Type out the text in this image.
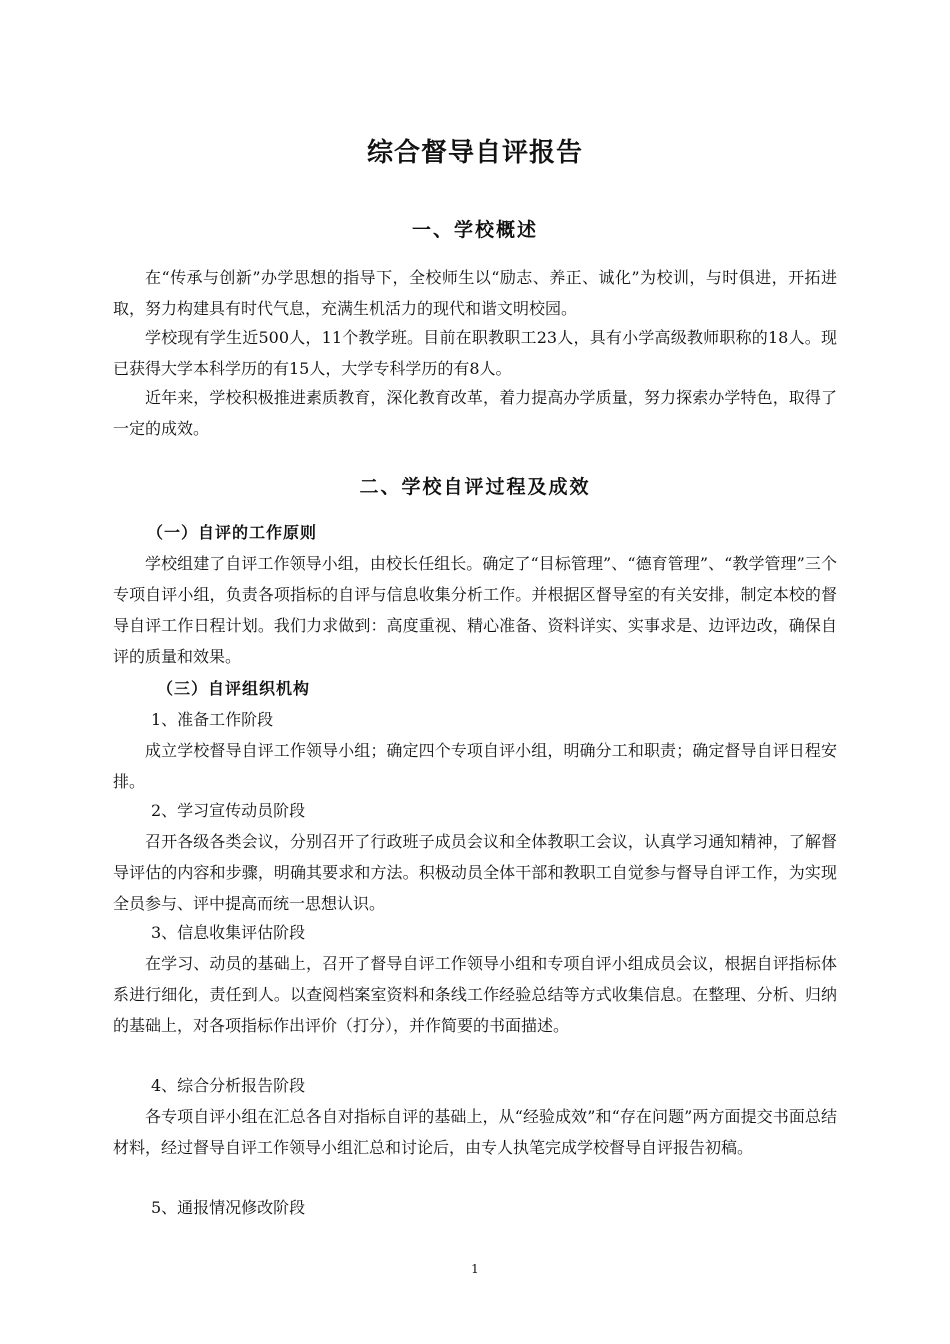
综合督导自评报告
一、学校概述

在“传承与创新”办学思想的指导下，全校师生以“励志、养正、诚化”为校训，与时俱进，开拓进取，努力构建具有时代气息，充满生机活力的现代和谐文明校园。

学校现有学生近500人，11个教学班。目前在职教职工23人，具有小学高级教师职称的18人。现已获得大学本科学历的有15人，大学专科学历的有8人。

近年来，学校积极推进素质教育，深化教育改革，着力提高办学质量，努力探索办学特色，取得了一定的成效。

二、学校自评过程及成效
（一）自评的工作原则

学校组建了自评工作领导小组，由校长任组长。确定了“目标管理”、“德育管理”、“教学管理”三个专项自评小组，负责各项指标的自评与信息收集分析工作。并根据区督导室的有关安排，制定本校的督导自评工作日程计划。我们力求做到：高度重视、精心准备、资料详实、实事求是、边评边改，确保自评的质量和效果。

（三）自评组织机构

1、准备工作阶段

成立学校督导自评工作领导小组；确定四个专项自评小组，明确分工和职责；确定督导自评日程安排。

2、学习宣传动员阶段

召开各级各类会议，分别召开了行政班子成员会议和全体教职工会议，认真学习通知精神，了解督导评估的内容和步骤，明确其要求和方法。积极动员全体干部和教职工自觉参与督导自评工作，为实现全员参与、评中提高而统一思想认识。

3、信息收集评估阶段

在学习、动员的基础上，召开了督导自评工作领导小组和专项自评小组成员会议，根据自评指标体系进行细化，责任到人。以查阅档案室资料和条线工作经验总结等方式收集信息。在整理、分析、归纳的基础上，对各项指标作出评价（打分），并作简要的书面描述。

4、综合分析报告阶段

各专项自评小组在汇总各自对指标自评的基础上，从“经验成效”和“存在问题”两方面提交书面总结材料，经过督导自评工作领导小组汇总和讨论后，由专人执笔完成学校督导自评报告初稿。

5、通报情况修改阶段

1
